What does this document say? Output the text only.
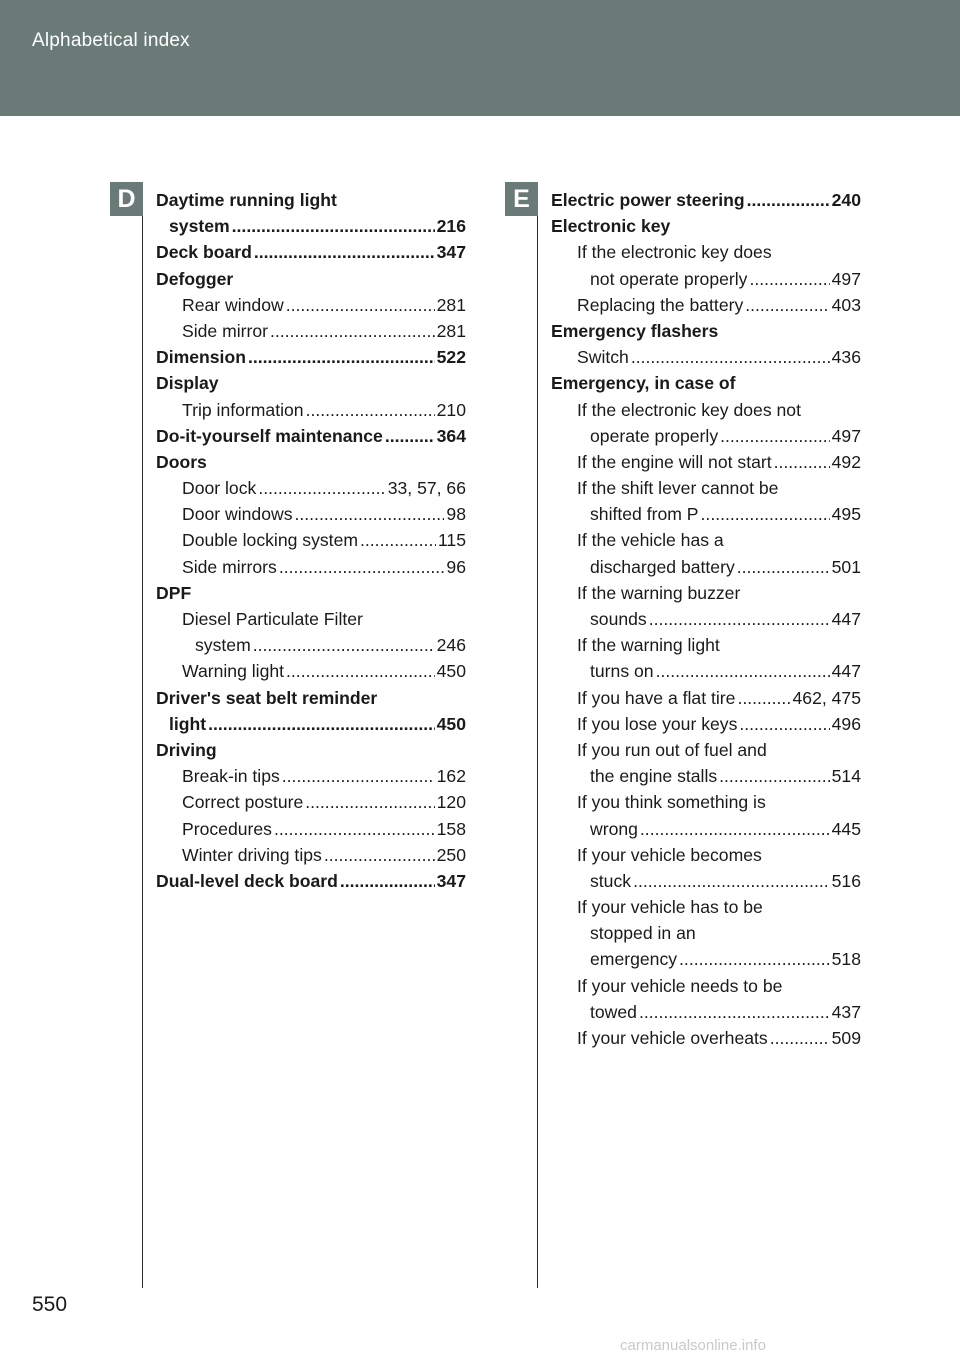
Alphabetical index
D	E
Daytime running light
system .....	216
Deck board .....	347
Defogger
Rear window .....	281
Side mirror .....	281
Dimension .....	522
Display
Trip information .....	210
Do-it-yourself maintenance .....	364
Doors
Door lock .....	33, 57, 66
Door windows .....	98
Double locking system .....	115
Side mirrors .....	96
DPF
Diesel Particulate Filter
system .....	246
Warning light .....	450
Driver's seat belt reminder
light .....	450
Driving
Break-in tips .....	162
Correct posture .....	120
Procedures .....	158
Winter driving tips .....	250
Dual-level deck board .....	347
Electric power steering .....	240
Electronic key
If the electronic key does
not operate properly .....	497
Replacing the battery .....	403
Emergency flashers
Switch .....	436
Emergency, in case of
If the electronic key does not
operate properly .....	497
If the engine will not start .....	492
If the shift lever cannot be
shifted from P .....	495
If the vehicle has a
discharged battery .....	501
If the warning buzzer
sounds .....	447
If the warning light
turns on .....	447
If you have a flat tire .....	462, 475
If you lose your keys .....	496
If you run out of fuel and
the engine stalls .....	514
If you think something is
wrong .....	445
If your vehicle becomes
stuck .....	516
If your vehicle has to be
stopped in an
emergency .....	518
If your vehicle needs to be
towed .....	437
If your vehicle overheats .....	509
550
carmanualsonline.info
